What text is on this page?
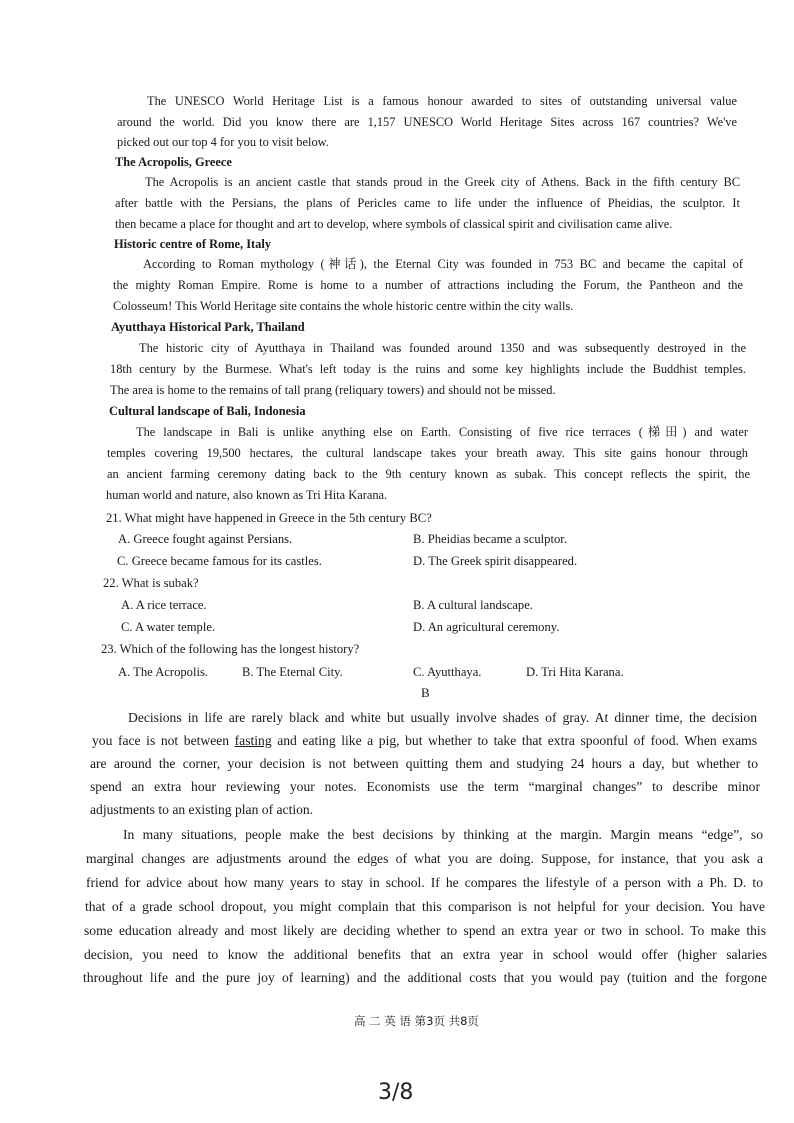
The UNESCO World Heritage List is a famous honour awarded to sites of outstanding universal value

around the world. Did you know there are 1,157 UNESCO World Heritage Sites across 167 countries? We've

picked out our top 4 for you to visit below.

The Acropolis, Greece

The Acropolis is an ancient castle that stands proud in the Greek city of Athens. Back in the fifth century BC

after battle with the Persians, the plans of Pericles came to life under the influence of Pheidias, the sculptor. It

then became a place for thought and art to develop, where symbols of classical spirit and civilisation came alive.

Historic centre of Rome, Italy

According to Roman mythology (神话), the Eternal City was founded in 753 BC and became the capital of

the mighty Roman Empire. Rome is home to a number of attractions including the Forum, the Pantheon and the

Colosseum! This World Heritage site contains the whole historic centre within the city walls.

Ayutthaya Historical Park, Thailand

The historic city of Ayutthaya in Thailand was founded around 1350 and was subsequently destroyed in the

18th century by the Burmese. What's left today is the ruins and some key highlights include the Buddhist temples.

The area is home to the remains of tall prang (reliquary towers) and should not be missed.

Cultural landscape of Bali, Indonesia

The landscape in Bali is unlike anything else on Earth. Consisting of five rice terraces (梯田) and water

temples covering 19,500 hectares, the cultural landscape takes your breath away. This site gains honour through

an ancient farming ceremony dating back to the 9th century known as subak. This concept reflects the spirit, the

human world and nature, also known as Tri Hita Karana.

21. What might have happened in Greece in the 5th century BC?

A. Greece fought against Persians.	B. Pheidias became a sculptor.

C. Greece became famous for its castles.	D. The Greek spirit disappeared.

22. What is subak?

A. A rice terrace.	B. A cultural landscape.

C. A water temple.	D. An agricultural ceremony.

23. Which of the following has the longest history?

A. The Acropolis.	B. The Eternal City.	C. Ayutthaya.	D. Tri Hita Karana.

B

Decisions in life are rarely black and white but usually involve shades of gray. At dinner time, the decision

you face is not between fasting and eating like a pig, but whether to take that extra spoonful of food. When exams

are around the corner, your decision is not between quitting them and studying 24 hours a day, but whether to

spend an extra hour reviewing your notes. Economists use the term “marginal changes” to describe minor

adjustments to an existing plan of action.

In many situations, people make the best decisions by thinking at the margin. Margin means “edge”, so

marginal changes are adjustments around the edges of what you are doing. Suppose, for instance, that you ask a

friend for advice about how many years to stay in school. If he compares the lifestyle of a person with a Ph. D. to

that of a grade school dropout, you might complain that this comparison is not helpful for your decision. You have

some education already and most likely are deciding whether to spend an extra year or two in school. To make this

decision, you need to know the additional benefits that an extra year in school would offer (higher salaries

throughout life and the pure joy of learning) and the additional costs that you would pay (tuition and the forgone

高 二 英 语 第3页 共8页

3/8
